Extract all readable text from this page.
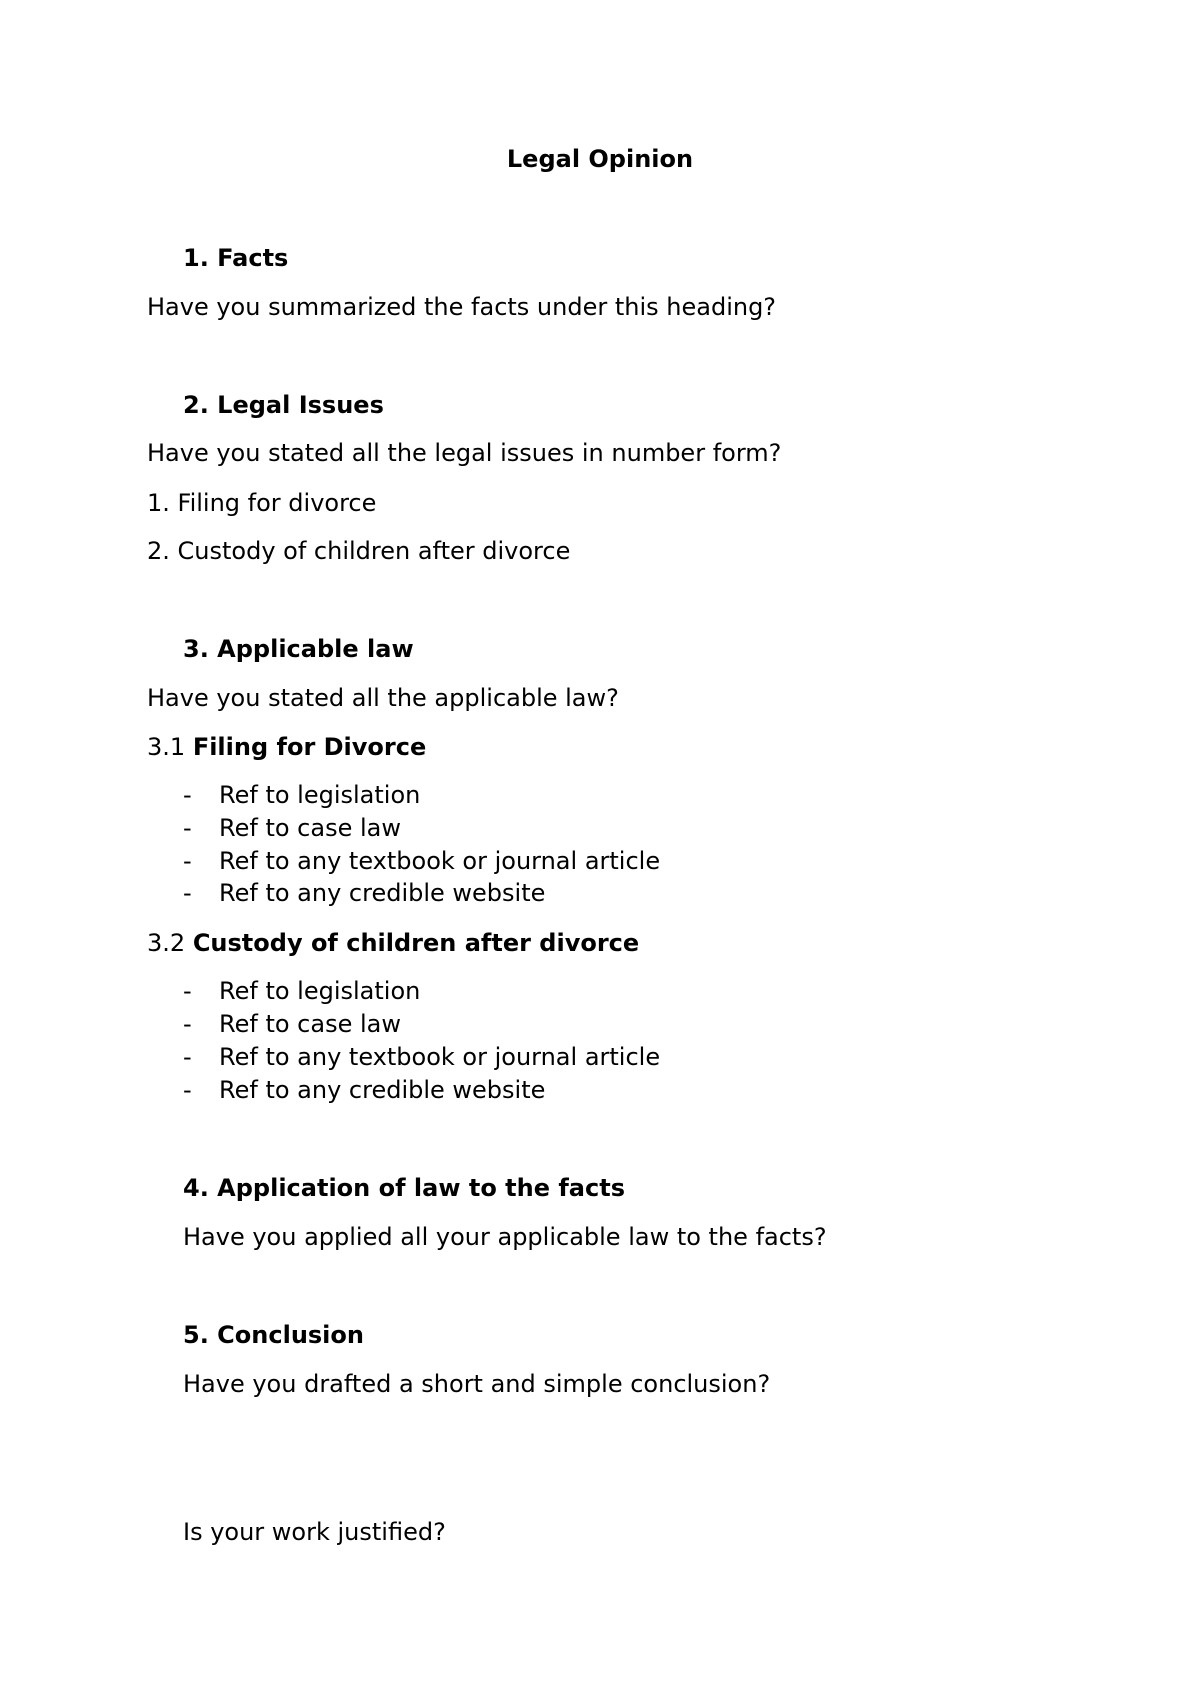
Legal Opinion
1. Facts
Have you summarized the facts under this heading?
2. Legal Issues
Have you stated all the legal issues in number form?
1. Filing for divorce
2. Custody of children after divorce
3. Applicable law
Have you stated all the applicable law?
3.1 Filing for Divorce
- Ref to legislation
- Ref to case law
- Ref to any textbook or journal article
- Ref to any credible website
3.2 Custody of children after divorce
- Ref to legislation
- Ref to case law
- Ref to any textbook or journal article
- Ref to any credible website
4. Application of law to the facts
Have you applied all your applicable law to the facts?
5. Conclusion
Have you drafted a short and simple conclusion?
Is your work justified?
